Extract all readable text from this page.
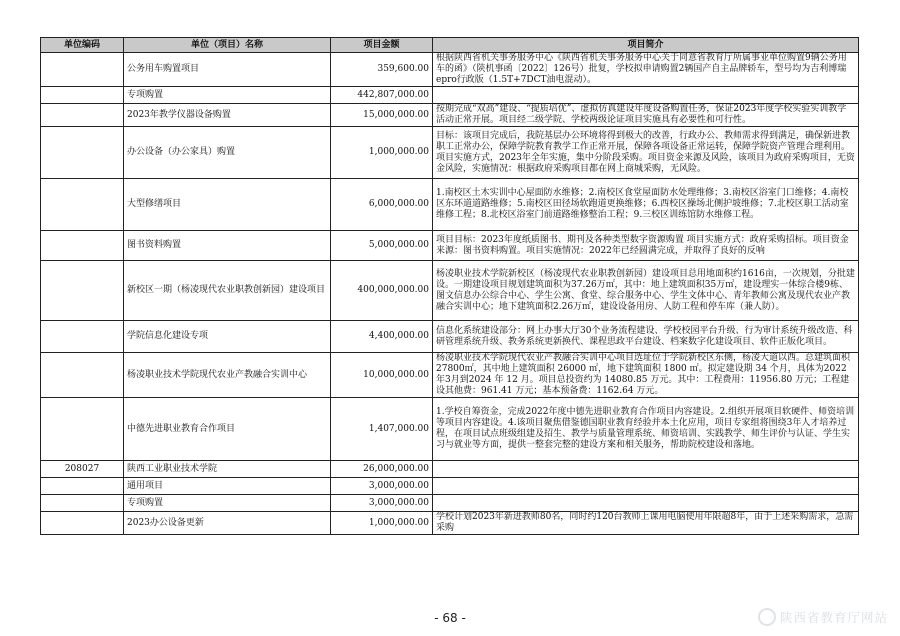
单位编码	单位（项目）名称	项目金额	项目简介
	公务用车购置项目	359,600.00	根据陕西省机关事务服务中心《陕西省机关事务服务中心关于同意省教育厅所属事业单位购置9辆公务用车的函》（陕机事函〔2022〕126号）批复，学校拟申请购置2辆国产自主品牌轿车，型号均为吉利博瑞epro行政版（1.5T+7DCT油电混动）。
	专项购置	442,807,000.00	
	2023年教学仪器设备购置	15,000,000.00	按期完成“双高”建设、“提质培优”、虚拟仿真建设年度设备购置任务，保证2023年度学校实验实训教学活动正常开展。项目经二级学院、学校两级论证项目实施具有必要性和可行性。
	办公设备（办公家具）购置	1,000,000.00	目标：该项目完成后，我院基层办公环境将得到极大的改善，行政办公、教师需求得到满足，确保新进教职工正常办公，保障学院教育教学工作正常开展，保障各项设备正常运转，保障学院资产管理合理利用。项目实施方式，2023年全年实施，集中分阶段采购。项目资金来源及风险，该项目为政府采购项目，无资金风险，实施情况：根据政府采购项目都在网上商城采购，无风险。
	大型修缮项目	6,000,000.00	1.南校区土木实训中心屋面防水维修；2.南校区食堂屋面防水处理维修；3.南校区浴室门口维修；4.南校区东环道道路维修；5.南校区田径场软跑道更换维修；6.西校区操场北侧护坡维修；7.北校区职工活动室维修工程；8.北校区浴室门前道路维修整治工程；9.三校区训练馆防水维修工程。
	图书资料购置	5,000,000.00	项目目标：2023年度纸质图书、期刊及各种类型数字资源购置 项目实施方式：政府采购招标。项目资金来源：图书资料购置。项目实施情况：2022年已经圆满完成，并取得了良好的反响
	新校区一期（杨凌现代农业职教创新园）建设项目	400,000,000.00	杨凌职业技术学院新校区（杨凌现代农业职教创新园）建设项目总用地面积约1616亩，一次规划，分批建设。一期建设项目规划建筑面积为37.26万㎡，其中：地上建筑面积35万㎡，建设理实一体综合楼9栋、图文信息办公综合中心、学生公寓、食堂、综合服务中心、学生文体中心、青年教师公寓及现代农业产教融合实训中心；地下建筑面积2.26万㎡，建设设备用房、人防工程和停车库（兼人防）。
	学院信息化建设专项	4,400,000.00	信息化系统建设部分：网上办事大厅30个业务流程建设、学校校园平台升级、行为审计系统升级改造、科研管理系统升级、教务系统更新换代、课程思政平台建设、档案数字化建设项目、软件正版化项目。
	杨凌职业技术学院现代农业产教融合实训中心	10,000,000.00	杨凌职业技术学院现代农业产教融合实训中心项目选址位于学院新校区东侧，杨凌大道以西。总建筑面积27800㎡，其中地上建筑面积 26000 ㎡，地下建筑面积 1800 ㎡。拟定建设期 34 个月，具体为2022年3月到2024 年 12 月。项目总投资约为 14080.85 万元。其中：工程费用：11956.80 万元；工程建设其他费：961.41 万元；基本预备费：1162.64 万元。
	中德先进职业教育合作项目	1,407,000.00	1.学校自筹资金，完成2022年度中德先进职业教育合作项目内容建设。2.组织开展项目软硬件、师资培训等项目内容建设。4.该项目聚焦借鉴德国职业教育经验并本土化应用，项目专家组将围绕3年人才培养过程，在项目试点班级组建及招生、教学与质量管理系统、师资培训、实践教学、师生评价与认证、学生实习与就业等方面，提供一整套完整的建设方案和相关服务，帮助院校建设和落地。
208027	陕西工业职业技术学院	26,000,000.00	
	通用项目	3,000,000.00	
	专项购置	3,000,000.00	
	2023办公设备更新	1,000,000.00	学校计划2023年新进教师80名，同时约120台教师上课用电脑使用年限超8年，由于上述采购需求，急需采购
- 68 -	陕西省教育厅网站
